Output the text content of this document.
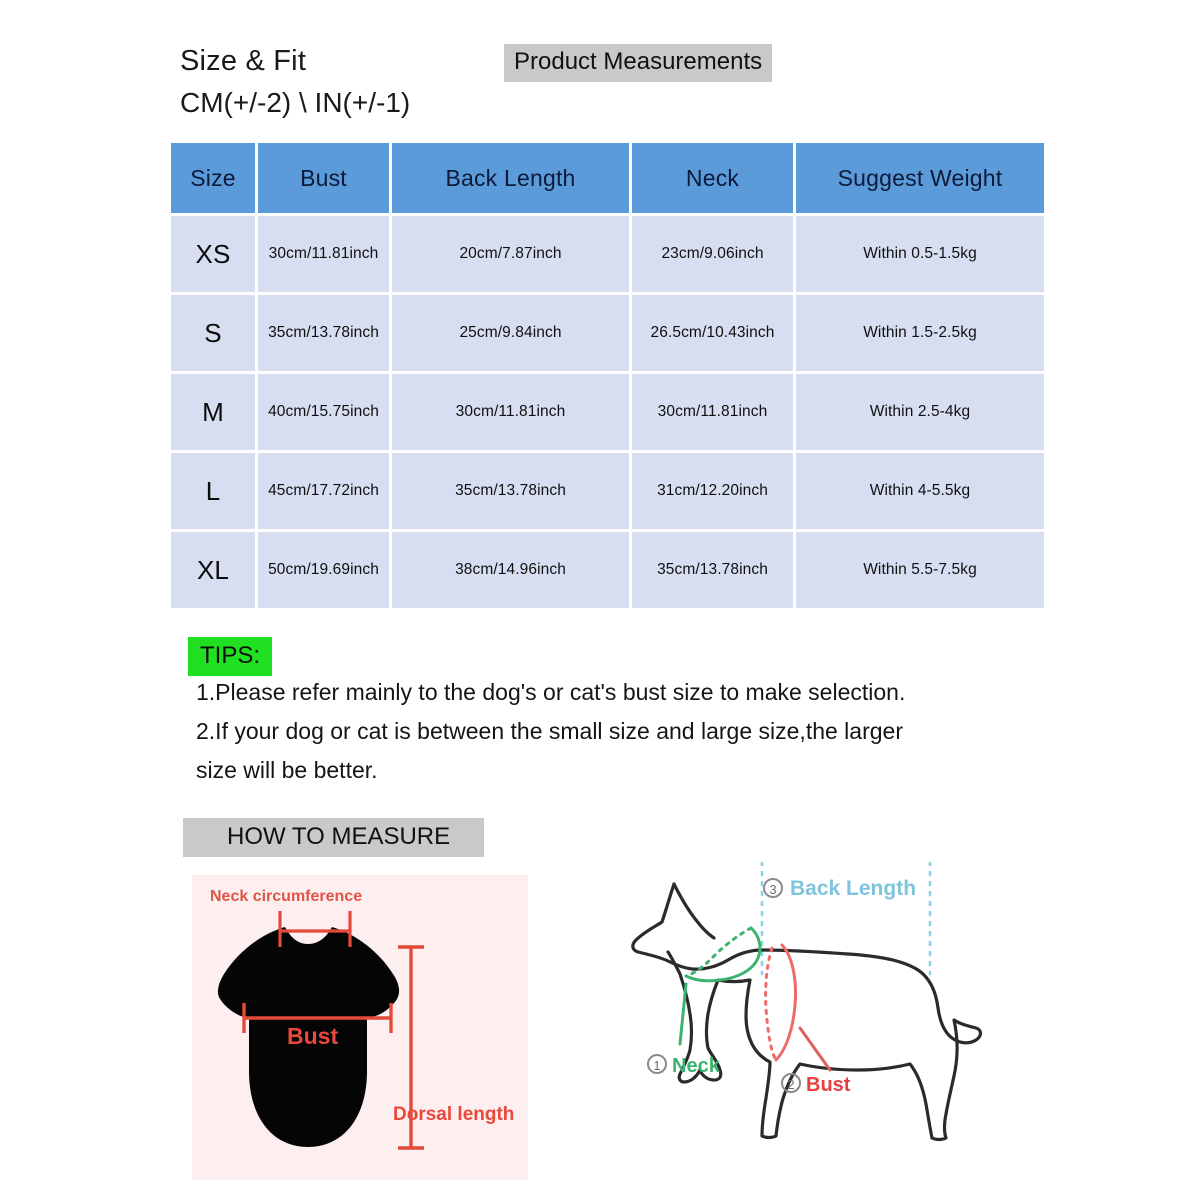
Size & Fit
CM(+/-2) \ IN(+/-1)
Product Measurements
Size	Bust	Back Length	Neck	Suggest Weight
XS	30cm/11.81inch	20cm/7.87inch	23cm/9.06inch	Within 0.5-1.5kg
S	35cm/13.78inch	25cm/9.84inch	26.5cm/10.43inch	Within 1.5-2.5kg
M	40cm/15.75inch	30cm/11.81inch	30cm/11.81inch	Within 2.5-4kg
L	45cm/17.72inch	35cm/13.78inch	31cm/12.20inch	Within 4-5.5kg
XL	50cm/19.69inch	38cm/14.96inch	35cm/13.78inch	Within 5.5-7.5kg
TIPS:
1.Please refer mainly to the dog's or cat's bust size to make selection.
2.If your dog or cat is between the small size and large size,the larger
size will be better.
HOW TO MEASURE
Neck circumference
Bust
Dorsal length
3 Back Length
1 Neck
2 Bust
